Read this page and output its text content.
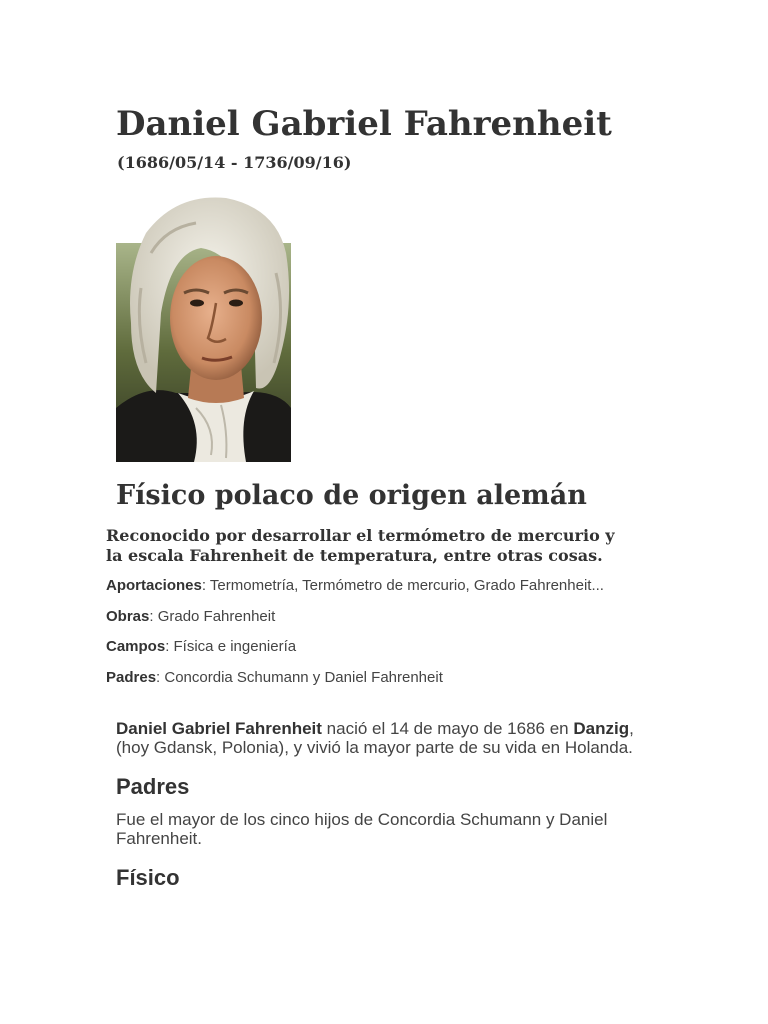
Daniel Gabriel Fahrenheit
(1686/05/14 - 1736/09/16)
Físico polaco de origen alemán
Reconocido por desarrollar el termómetro de mercurio y
la escala Fahrenheit de temperatura, entre otras cosas.
Aportaciones: Termometría, Termómetro de mercurio, Grado Fahrenheit...
Obras: Grado Fahrenheit
Campos: Física e ingeniería
Padres: Concordia Schumann y Daniel Fahrenheit
Daniel Gabriel Fahrenheit nació el 14 de mayo de 1686 en Danzig,
(hoy Gdansk, Polonia), y vivió la mayor parte de su vida en Holanda.
Padres
Fue el mayor de los cinco hijos de Concordia Schumann y Daniel
Fahrenheit.
Físico
